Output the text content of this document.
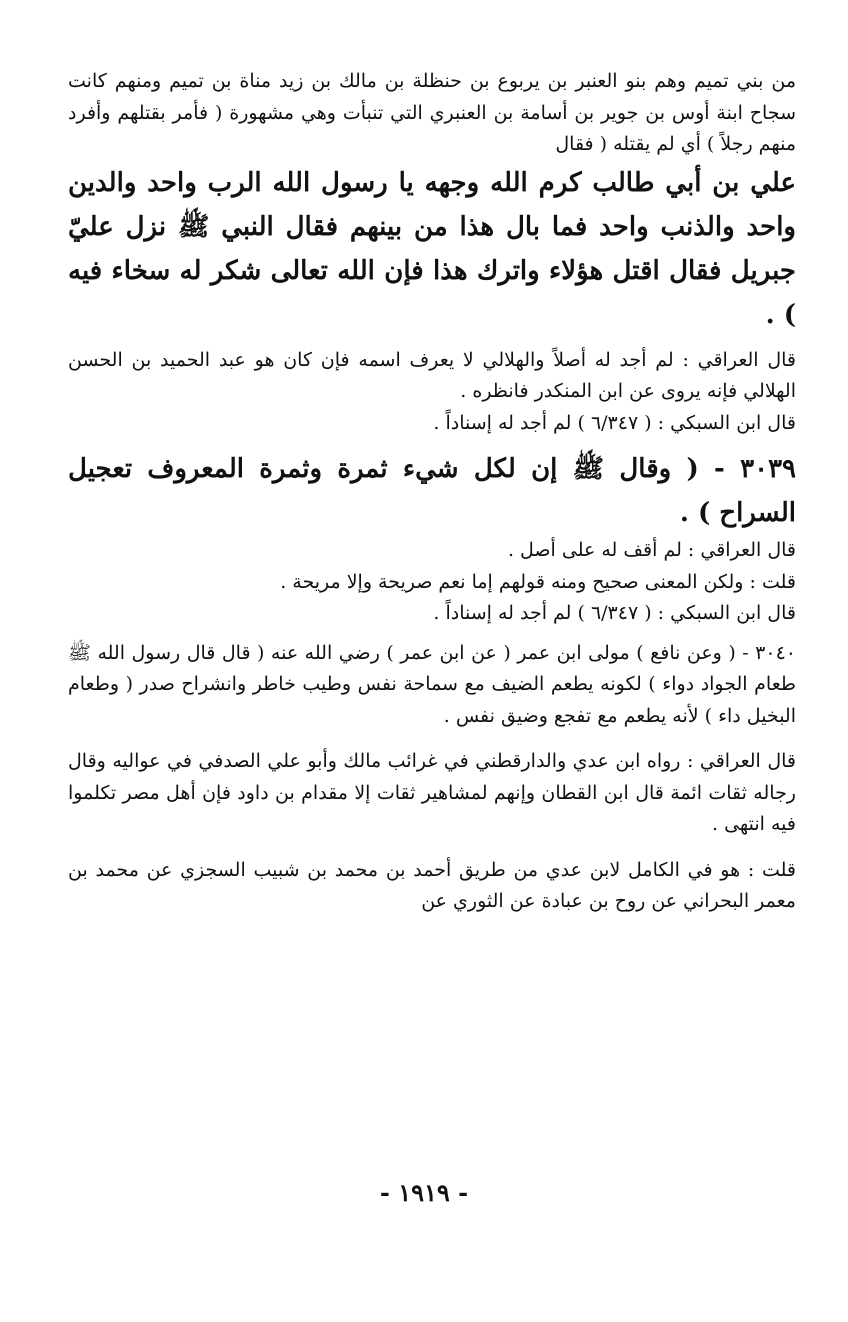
من بني تميم وهم بنو العنبر بن يربوع بن حنظلة بن مالك بن زيد مناة بن تميم ومنهم كانت سجاح ابنة أوس بن جوير بن أسامة بن العنبري التي تنبأت وهي مشهورة ( فأمر بقتلهم وأفرد منهم رجلاً ) أي لم يقتله ( فقال

علي بن أبي طالب كرم الله وجهه يا رسول الله الرب واحد والدين واحد والذنب واحد فما بال هذا من بينهم فقال النبي ﷺ نزل عليّ جبريل فقال اقتل هؤلاء واترك هذا فإن الله تعالى شكر له سخاء فيه ) .

قال العراقي : لم أجد له أصلاً والهلالي لا يعرف اسمه فإن كان هو عبد الحميد بن الحسن الهلالي فإنه يروى عن ابن المنكدر فانظره .

قال ابن السبكي : ( ٦/٣٤٧ ) لم أجد له إسناداً .

٣٠٣٩ - ( وقال ﷺ إن لكل شيء ثمرة وثمرة المعروف تعجيل السراح ) .

قال العراقي : لم أقف له على أصل .

قلت : ولكن المعنى صحيح ومنه قولهم إما نعم صريحة وإلا مريحة .

قال ابن السبكي : ( ٦/٣٤٧ ) لم أجد له إسناداً .

٣٠٤٠ - ( وعن نافع ) مولى ابن عمر ( عن ابن عمر ) رضي الله عنه ( قال قال رسول الله ﷺ طعام الجواد دواء ) لكونه يطعم الضيف مع سماحة نفس وطيب خاطر وانشراح صدر ( وطعام البخيل داء ) لأنه يطعم مع تفجع وضيق نفس .

قال العراقي : رواه ابن عدي والدارقطني في غرائب مالك وأبو علي الصدفي في عواليه وقال رجاله ثقات ائمة قال ابن القطان وإنهم لمشاهير ثقات إلا مقدام بن داود فإن أهل مصر تكلموا فيه انتهى .

قلت : هو في الكامل لابن عدي من طريق أحمد بن محمد بن شبيب السجزي عن محمد بن معمر البحراني عن روح بن عبادة عن الثوري عن

- ١٩١٩ -
